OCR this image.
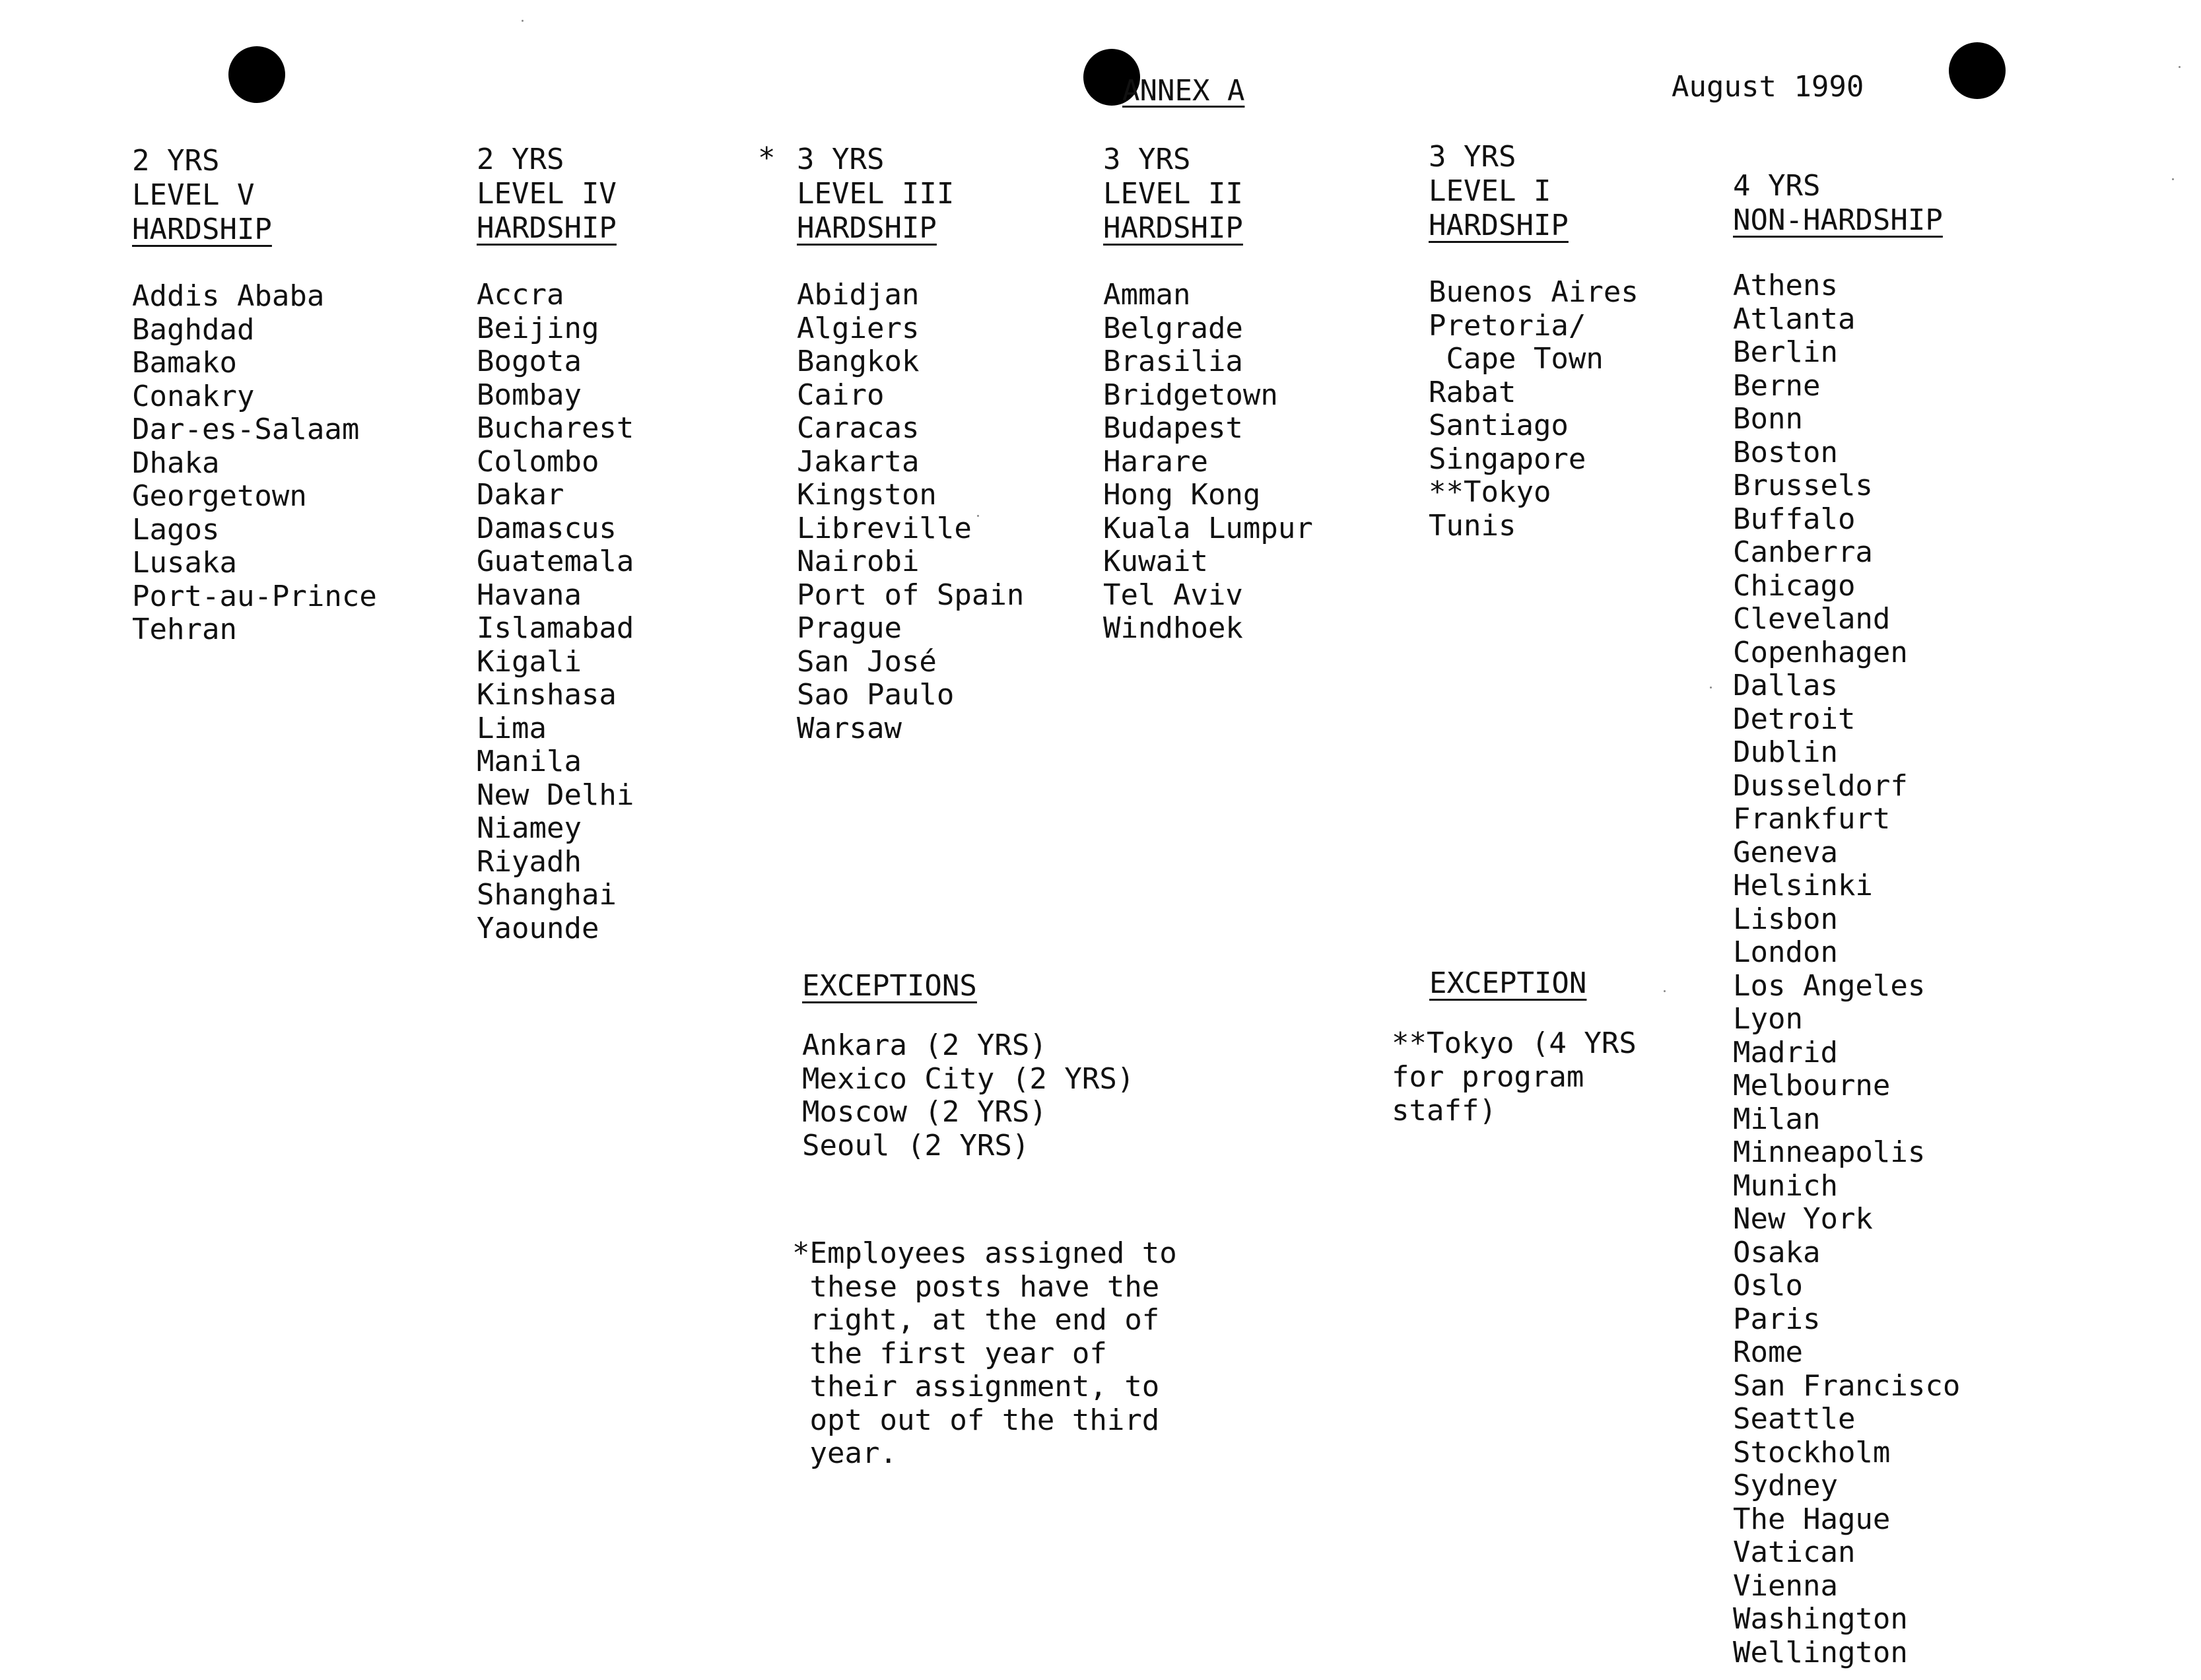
ANNEX A	August 1990
2 YRS
LEVEL V
HARDSHIP
Addis Ababa
Baghdad
Bamako
Conakry
Dar-es-Salaam
Dhaka
Georgetown
Lagos
Lusaka
Port-au-Prince
Tehran
2 YRS
LEVEL IV
HARDSHIP
Accra
Beijing
Bogota
Bombay
Bucharest
Colombo
Dakar
Damascus
Guatemala
Havana
Islamabad
Kigali
Kinshasa
Lima
Manila
New Delhi
Niamey
Riyadh
Shanghai
Yaounde
* 3 YRS
LEVEL III
HARDSHIP
Abidjan
Algiers
Bangkok
Cairo
Caracas
Jakarta
Kingston
Libreville
Nairobi
Port of Spain
Prague
San José
Sao Paulo
Warsaw
3 YRS
LEVEL II
HARDSHIP
Amman
Belgrade
Brasilia
Bridgetown
Budapest
Harare
Hong Kong
Kuala Lumpur
Kuwait
Tel Aviv
Windhoek
3 YRS
LEVEL I
HARDSHIP
Buenos Aires
Pretoria/
Cape Town
Rabat
Santiago
Singapore
**Tokyo
Tunis
4 YRS
NON-HARDSHIP
Athens
Atlanta
Berlin
Berne
Bonn
Boston
Brussels
Buffalo
Canberra
Chicago
Cleveland
Copenhagen
Dallas
Detroit
Dublin
Dusseldorf
Frankfurt
Geneva
Helsinki
Lisbon
London
Los Angeles
Lyon
Madrid
Melbourne
Milan
Minneapolis
Munich
New York
Osaka
Oslo
Paris
Rome
San Francisco
Seattle
Stockholm
Sydney
The Hague
Vatican
Vienna
Washington
Wellington
EXCEPTIONS
Ankara (2 YRS)
Mexico City (2 YRS)
Moscow (2 YRS)
Seoul (2 YRS)
EXCEPTION
**Tokyo (4 YRS
for program
staff)
*Employees assigned to
these posts have the
right, at the end of
the first year of
their assignment, to
opt out of the third
year.
